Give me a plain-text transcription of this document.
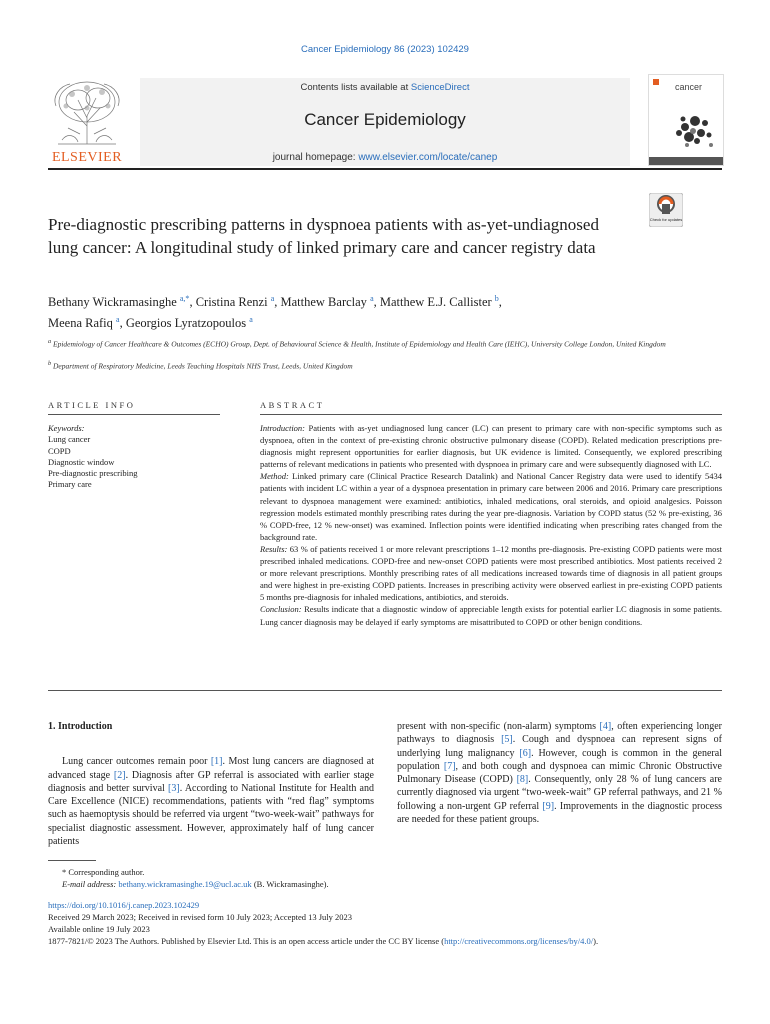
Cancer Epidemiology 86 (2023) 102429
ELSEVIER
Contents lists available at ScienceDirect
Cancer Epidemiology
journal homepage: www.elsevier.com/locate/canep
cancer
Check for updates
Pre-diagnostic prescribing patterns in dyspnoea patients with as-yet-undiagnosed lung cancer: A longitudinal study of linked primary care and cancer registry data
Bethany Wickramasinghe $^{a,*}$, Cristina Renzi $^a$, Matthew Barclay $^a$, Matthew E.J. Callister $^b$,
Meena Rafiq $^a$, Georgios Lyratzopoulos $^a$
$^a$ Epidemiology of Cancer Healthcare & Outcomes (ECHO) Group, Dept. of Behavioural Science & Health, Institute of Epidemiology and Health Care (IEHC), University College London, United Kingdom
$^b$ Department of Respiratory Medicine, Leeds Teaching Hospitals NHS Trust, Leeds, United Kingdom
ARTICLE INFO	ABSTRACT
Keywords:
Lung cancer
COPD
Diagnostic window
Pre-diagnostic prescribing
Primary care

Introduction: Patients with as-yet undiagnosed lung cancer (LC) can present to primary care with non-specific symptoms such as dyspnoea, often in the context of pre-existing chronic obstructive pulmonary disease (COPD). Related medication prescriptions pre-diagnosis might represent opportunities for earlier diagnosis, but UK evidence is limited. Consequently, we explored prescribing patterns of relevant medications in patients who presented with dyspnoea in primary care and were subsequently diagnosed with LC.

Method: Linked primary care (Clinical Practice Research Datalink) and National Cancer Registry data were used to identify 5434 patients with incident LC within a year of a dyspnoea presentation in primary care between 2006 and 2016. Primary care prescriptions relevant to dyspnoea management were examined: antibiotics, inhaled medications, oral steroids, and opioid analgesics. Poisson regression models estimated monthly prescribing rates during the year pre-diagnosis. Variation by COPD status (52 % pre-existing, 36 % COPD-free, 12 % new-onset) was examined. Inflection points were identified indicating when prescribing rates changed from the background rate.

Results: 63 % of patients received 1 or more relevant prescriptions 1–12 months pre-diagnosis. Pre-existing COPD patients were most prescribed inhaled medications. COPD-free and new-onset COPD patients were most prescribed antibiotics. Most patients received 2 or more relevant prescriptions. Monthly prescribing rates of all medications increased towards time of diagnosis in all patient groups and were highest in pre-existing COPD patients. Increases in prescribing activity were observed earliest in pre-existing COPD patients 5 months pre-diagnosis for inhaled medications, antibiotics, and steroids.

Conclusion: Results indicate that a diagnostic window of appreciable length exists for potential earlier LC diagnosis in some patients. Lung cancer diagnosis may be delayed if early symptoms are misattributed to COPD or other benign conditions.

1. Introduction

Lung cancer outcomes remain poor [1]. Most lung cancers are diagnosed at advanced stage [2]. Diagnosis after GP referral is associated with earlier stage diagnosis and better survival [3]. According to National Institute for Health and Care Excellence (NICE) recommendations, patients with “red flag” symptoms such as haemoptysis should be referred via urgent “two-week-wait” pathways for specialist diagnostic assessment. However, approximately half of lung cancer patients

present with non-specific (non-alarm) symptoms [4], often experiencing longer pathways to diagnosis [5]. Cough and dyspnoea can represent signs of underlying lung malignancy [6]. However, cough is common in the general population [7], and both cough and dyspnoea can mimic Chronic Obstructive Pulmonary Disease (COPD) [8]. Consequently, only 28 % of lung cancers are currently diagnosed via urgent “two-week-wait” GP referral pathways, and 21 % following a non-urgent GP referral [9]. Improvements in the diagnostic process are needed for these patient groups.

* Corresponding author.
E-mail address: bethany.wickramasinghe.19@ucl.ac.uk (B. Wickramasinghe).
https://doi.org/10.1016/j.canep.2023.102429
Received 29 March 2023; Received in revised form 10 July 2023; Accepted 13 July 2023
Available online 19 July 2023
1877-7821/© 2023 The Authors. Published by Elsevier Ltd. This is an open access article under the CC BY license (http://creativecommons.org/licenses/by/4.0/).
